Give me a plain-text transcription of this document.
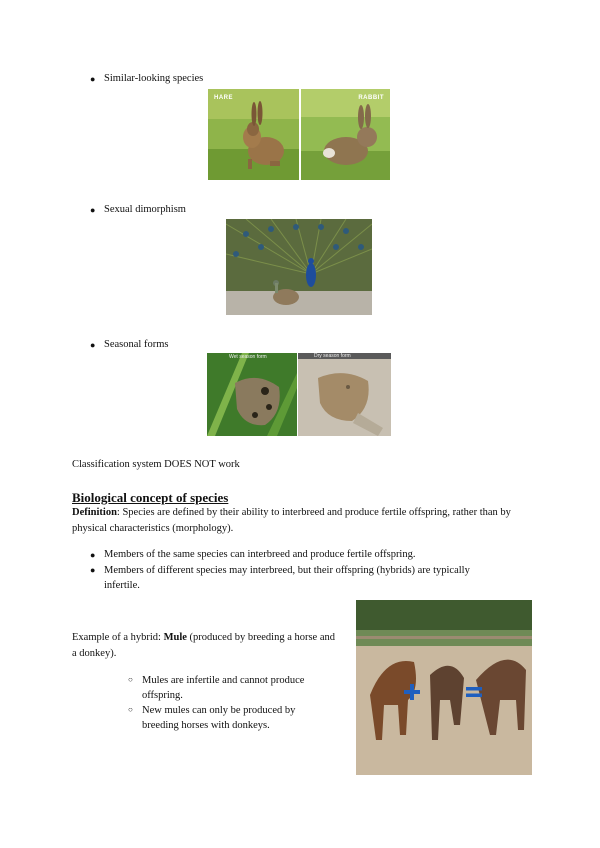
● Similar-looking species
HARE	RABBIT
● Sexual dimorphism
● Seasonal forms
Wet season form	Dry season form
Classification system DOES NOT work
Biological concept of species
Definition: Species are defined by their ability to interbreed and produce fertile offspring, rather than by physical characteristics (morphology).
● Members of the same species can interbreed and produce fertile offspring.
● Members of different species may interbreed, but their offspring (hybrids) are typically infertile.
Example of a hybrid: Mule (produced by breeding a horse and a donkey).
○ Mules are infertile and cannot produce offspring.
○ New mules can only be produced by breeding horses with donkeys.
